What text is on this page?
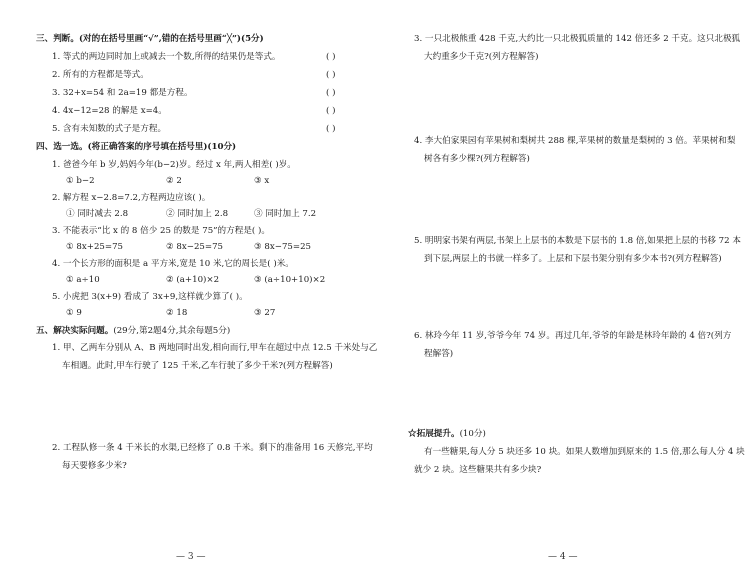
三、判断。(对的在括号里画“√”,错的在括号里画“╳”)(5分)
1. 等式的两边同时加上或减去一个数,所得的结果仍是等式。	( )
2. 所有的方程都是等式。	( )
3. 32+x=54 和 2a=19 都是方程。	( )
4. 4x−12=28 的解是 x=4。	( )
5. 含有未知数的式子是方程。	( )
四、选一选。(将正确答案的序号填在括号里)(10分)
1. 爸爸今年 b 岁,妈妈今年(b−2)岁。经过 x 年,两人相差( )岁。
① b−2	② 2	③ x
2. 解方程 x−2.8=7.2,方程两边应该( )。
① 同时减去 2.8	② 同时加上 2.8	③ 同时加上 7.2
3. 不能表示“比 x 的 8 倍少 25 的数是 75”的方程是( )。
① 8x+25=75	② 8x−25=75	③ 8x−75=25
4. 一个长方形的面积是 a 平方米,宽是 10 米,它的周长是( )米。
① a÷10	② (a+10)×2	③ (a÷10+10)×2
5. 小虎把 3(x+9) 看成了 3x+9,这样就少算了( )。
① 9	② 18	③ 27
五、解决实际问题。(29分,第2题4分,其余每题5分)
1. 甲、乙两车分别从 A、B 两地同时出发,相向而行,甲车在超过中点 12.5 千米处与乙
车相遇。此时,甲车行驶了 125 千米,乙车行驶了多少千米?(列方程解答)
2. 工程队修一条 4 千米长的水渠,已经修了 0.8 千米。剩下的准备用 16 天修完,平均
每天要修多少米?
— 3 —
3. 一只北极熊重 428 千克,大约比一只北极狐质量的 142 倍还多 2 千克。这只北极狐
大约重多少千克?(列方程解答)
4. 李大伯家果园有苹果树和梨树共 288 棵,苹果树的数量是梨树的 3 倍。苹果树和梨
树各有多少棵?(列方程解答)
5. 明明家书架有两层,书架上上层书的本数是下层书的 1.8 倍,如果把上层的书移 72 本
到下层,两层上的书就一样多了。上层和下层书架分别有多少本书?(列方程解答)
6. 林玲今年 11 岁,爷爷今年 74 岁。再过几年,爷爷的年龄是林玲年龄的 4 倍?(列方
程解答)
☆拓展提升。(10分)
有一些糖果,每人分 5 块还多 10 块。如果人数增加到原来的 1.5 倍,那么每人分 4 块
就少 2 块。这些糖果共有多少块?
— 4 —
